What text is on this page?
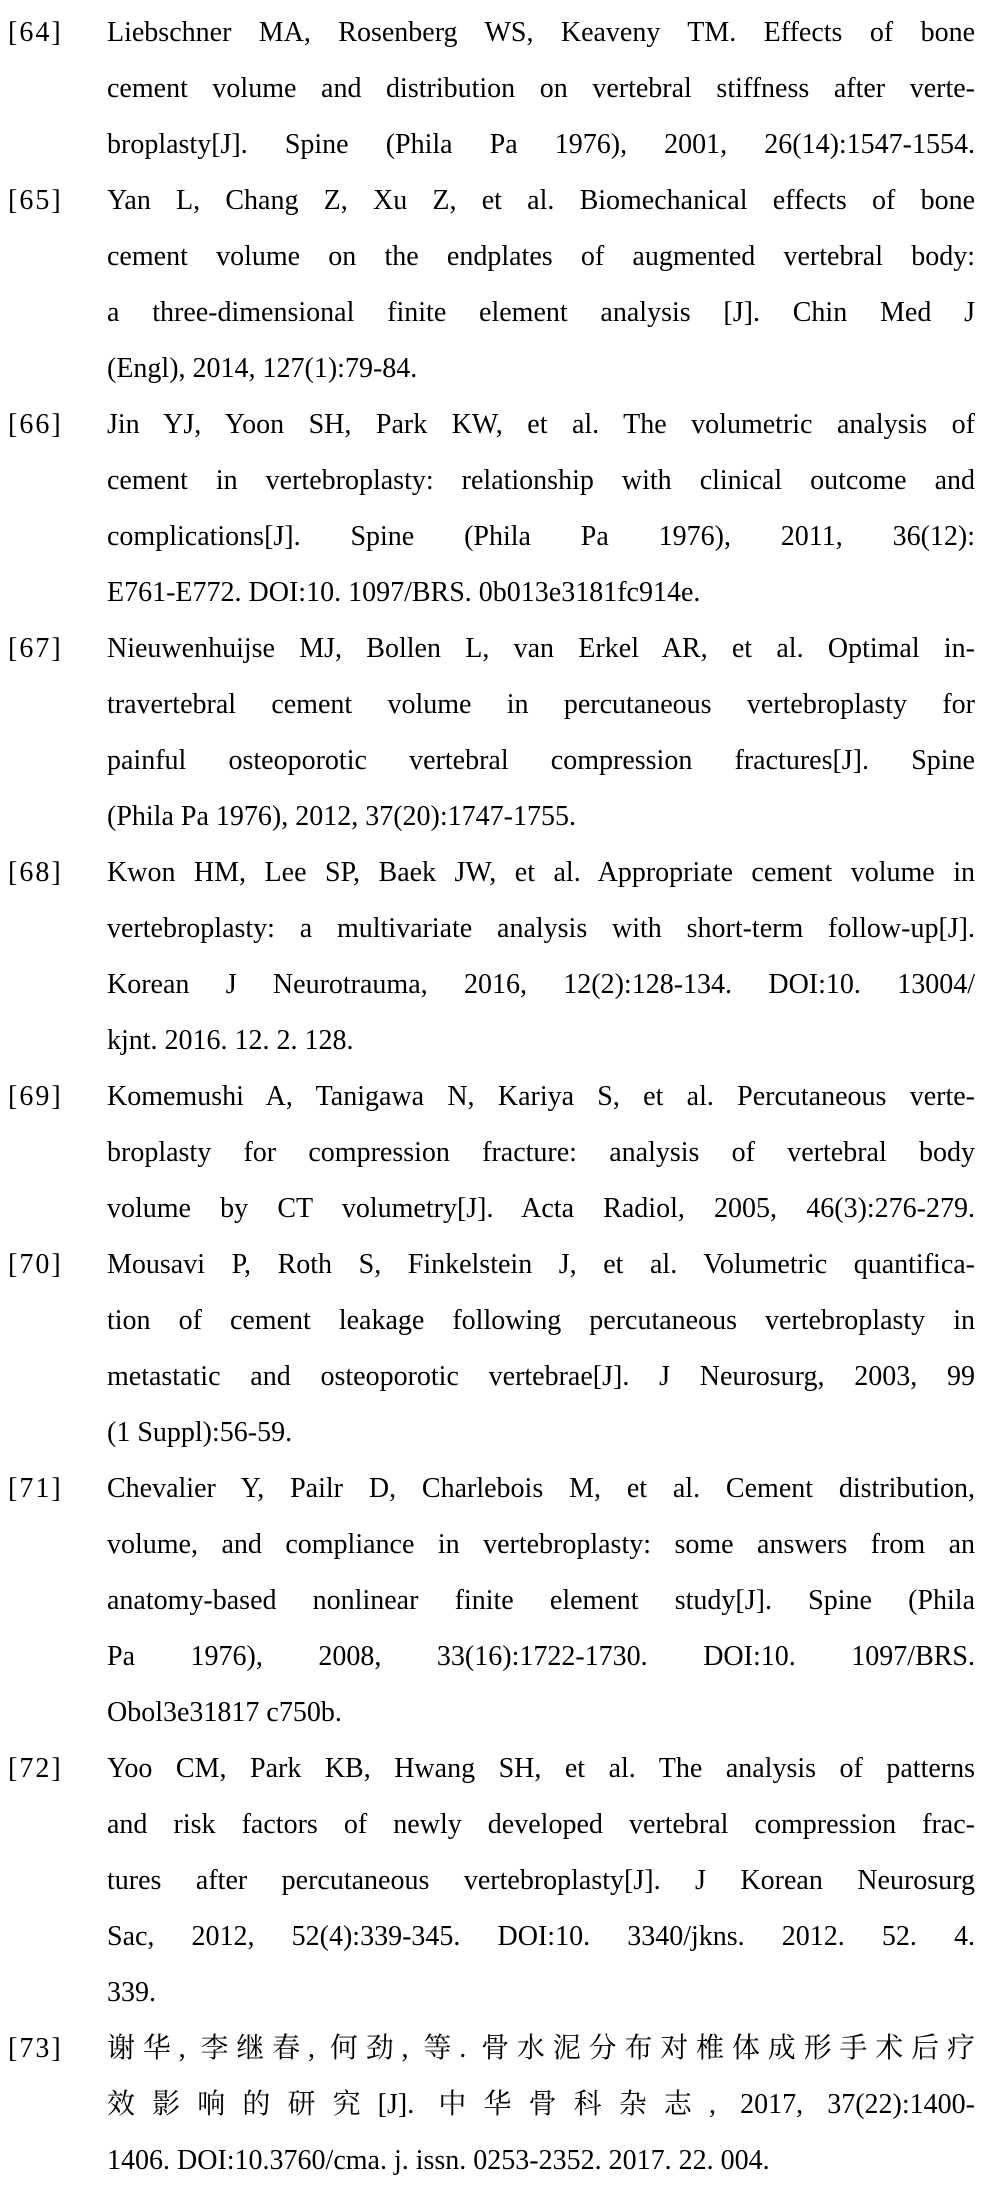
[64]	Liebschner MA, Rosenberg WS, Keaveny TM. Effects of bone
cement volume and distribution on vertebral stiffness after verte-
broplasty[J]. Spine (Phila Pa 1976), 2001, 26(14):1547-1554.
[65]	Yan L, Chang Z, Xu Z, et al. Biomechanical effects of bone
cement volume on the endplates of augmented vertebral body:
a three-dimensional finite element analysis [J]. Chin Med J
(Engl), 2014, 127(1):79-84.
[66]	Jin YJ, Yoon SH, Park KW, et al. The volumetric analysis of
cement in vertebroplasty: relationship with clinical outcome and
complications[J]. Spine (Phila Pa 1976), 2011, 36(12):
E761-E772. DOI:10. 1097/BRS. 0b013e3181fc914e.
[67]	Nieuwenhuijse MJ, Bollen L, van Erkel AR, et al. Optimal in-
travertebral cement volume in percutaneous vertebroplasty for
painful osteoporotic vertebral compression fractures[J]. Spine
(Phila Pa 1976), 2012, 37(20):1747-1755.
[68]	Kwon HM, Lee SP, Baek JW, et al. Appropriate cement volume in
vertebroplasty: a multivariate analysis with short-term follow-up[J].
Korean J Neurotrauma, 2016, 12(2):128-134. DOI:10. 13004/
kjnt. 2016. 12. 2. 128.
[69]	Komemushi A, Tanigawa N, Kariya S, et al. Percutaneous verte-
broplasty for compression fracture: analysis of vertebral body
volume by CT volumetry[J]. Acta Radiol, 2005, 46(3):276-279.
[70]	Mousavi P, Roth S, Finkelstein J, et al. Volumetric quantifica-
tion of cement leakage following percutaneous vertebroplasty in
metastatic and osteoporotic vertebrae[J]. J Neurosurg, 2003, 99
(1 Suppl):56-59.
[71]	Chevalier Y, Pailr D, Charlebois M, et al. Cement distribution,
volume, and compliance in vertebroplasty: some answers from an
anatomy-based nonlinear finite element study[J]. Spine (Phila
Pa 1976), 2008, 33(16):1722-1730. DOI:10. 1097/BRS.
Obol3e31817 c750b.
[72]	Yoo CM, Park KB, Hwang SH, et al. The analysis of patterns
and risk factors of newly developed vertebral compression frac-
tures after percutaneous vertebroplasty[J]. J Korean Neurosurg
Sac, 2012, 52(4):339-345. DOI:10. 3340/jkns. 2012. 52. 4.
339.
[73]	谢华, 李继春, 何劲, 等. 骨水泥分布对椎体成形手术后疗
效影响的研究[J]. 中华骨科杂志, 2017, 37(22):1400-
1406. DOI:10.3760/cma. j. issn. 0253-2352. 2017. 22. 004.
